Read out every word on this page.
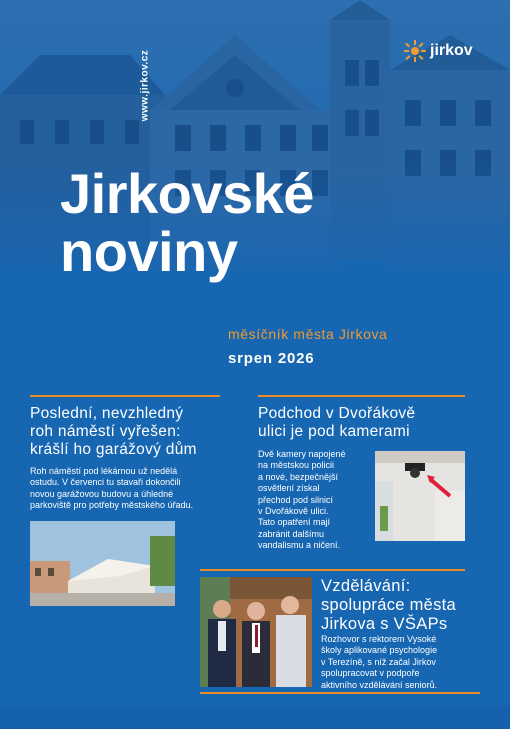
www.jirkov.cz	jirkov
Jirkovské
noviny
měsíčník města Jirkova
srpen 2026
Poslední, nevzhledný
roh náměstí vyřešen:
krášlí ho garážový dům
Roh náměstí pod lékárnou už nedělá
ostudu. V červenci tu stavaři dokončili
novou garážovou budovu a úhledné
parkoviště pro potřeby městského úřadu.
Podchod v Dvořákově
ulici je pod kamerami
Dvě kamery napojené
na městskou policii
a nové, bezpečnější
osvětlení získal
přechod pod silnicí
v Dvořákově ulici.
Tato opatření mají
zabránit dalšímu
vandalismu a ničení.
Vzdělávání:
spolupráce města
Jirkova s VŠAPs
Rozhovor s rektorem Vysoké
školy aplikované psychologie
v Terezíně, s níž začal Jirkov
spolupracovat v podpoře
aktivního vzdělávání seniorů.
